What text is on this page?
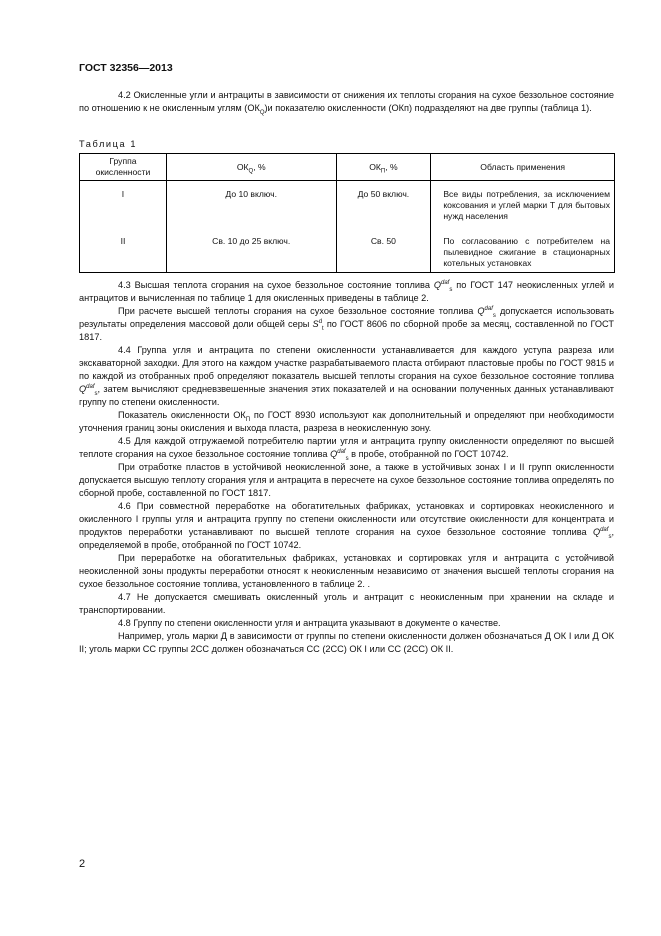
ГОСТ 32356—2013

4.2 Окисленные угли и антрациты в зависимости от снижения их теплоты сгорания на сухое беззольное состояние по отношению к не окисленным углям $(ОК_Q)и$ показателю окисленности (ОКп) подразделяют на две группы (таблица 1).

Таблица 1
Группа окисленности	$ОК_Q$, %	$ОК_П$, %	Область применения
I	До 10 включ.	До 50 включ.	Все виды потребления, за исключением коксования и углей марки Т для бытовых нужд населения
II	Св. 10 до 25 включ.	Св. 50	По согласованию с потребителем на пылевидное сжигание в стационарных котельных установках

4.3 Высшая теплота сгорания на сухое беззольное состояние топлива $Q^{daf}_s$ по ГОСТ 147 неокисленных углей и антрацитов и вычисленная по таблице 1 для окисленных приведены в таблице 2.

При расчете высшей теплоты сгорания на сухое беззольное состояние топлива $Q^{daf}_s$ допускается использовать результаты определения массовой доли общей серы $S^d_t$ по ГОСТ 8606 по сборной пробе за месяц, составленной по ГОСТ 1817.

4.4 Группа угля и антрацита по степени окисленности устанавливается для каждого уступа разреза или экскаваторной заходки. Для этого на каждом участке разрабатываемого пласта отбирают пластовые пробы по ГОСТ 9815 и по каждой из отобранных проб определяют показатель высшей теплоты сгорания на сухое беззольное состояние топлива $Q^{daf}_s$, затем вычисляют средневзвешенные значения этих показателей и на основании полученных данных устанавливают группу по степени окисленности.

Показатель окисленности $ОК_П$ по ГОСТ 8930 используют как дополнительный и определяют при необходимости уточнения границ зоны окисления и выхода пласта, разреза в неокисленную зону.

4.5 Для каждой отгружаемой потребителю партии угля и антрацита группу окисленности определяют по высшей теплоте сгорания на сухое беззольное состояние топлива $Q^{daf}_s$ в пробе, отобранной по ГОСТ 10742.

При отработке пластов в устойчивой неокисленной зоне, а также в устойчивых зонах I и II групп окисленности допускается высшую теплоту сгорания угля и антрацита в пересчете на сухое беззольное состояние топлива определять по сборной пробе, составленной по ГОСТ 1817.

4.6 При совместной переработке на обогатительных фабриках, установках и сортировках неокисленного и окисленного I группы угля и антрацита группу по степени окисленности или отсутствие окисленности для концентрата и продуктов переработки устанавливают по высшей теплоте сгорания на сухое беззольное состояние топлива $Q^{daf}_s$, определяемой в пробе, отобранной по ГОСТ 10742.

При переработке на обогатительных фабриках, установках и сортировках угля и антрацита с устойчивой неокисленной зоны продукты переработки относят к неокисленным независимо от значения высшей теплоты сгорания на сухое беззольное состояние топлива, установленного в таблице 2. .

4.7 Не допускается смешивать окисленный уголь и антрацит с неокисленным при хранении на складе и транспортировании.

4.8 Группу по степени окисленности угля и антрацита указывают в документе о качестве.

Например, уголь марки Д в зависимости от группы по степени окисленности должен обозначаться Д ОК I или Д ОК II; уголь марки СС группы 2СС должен обозначаться СС (2СС) ОК I или СС (2СС) ОК II.

2
